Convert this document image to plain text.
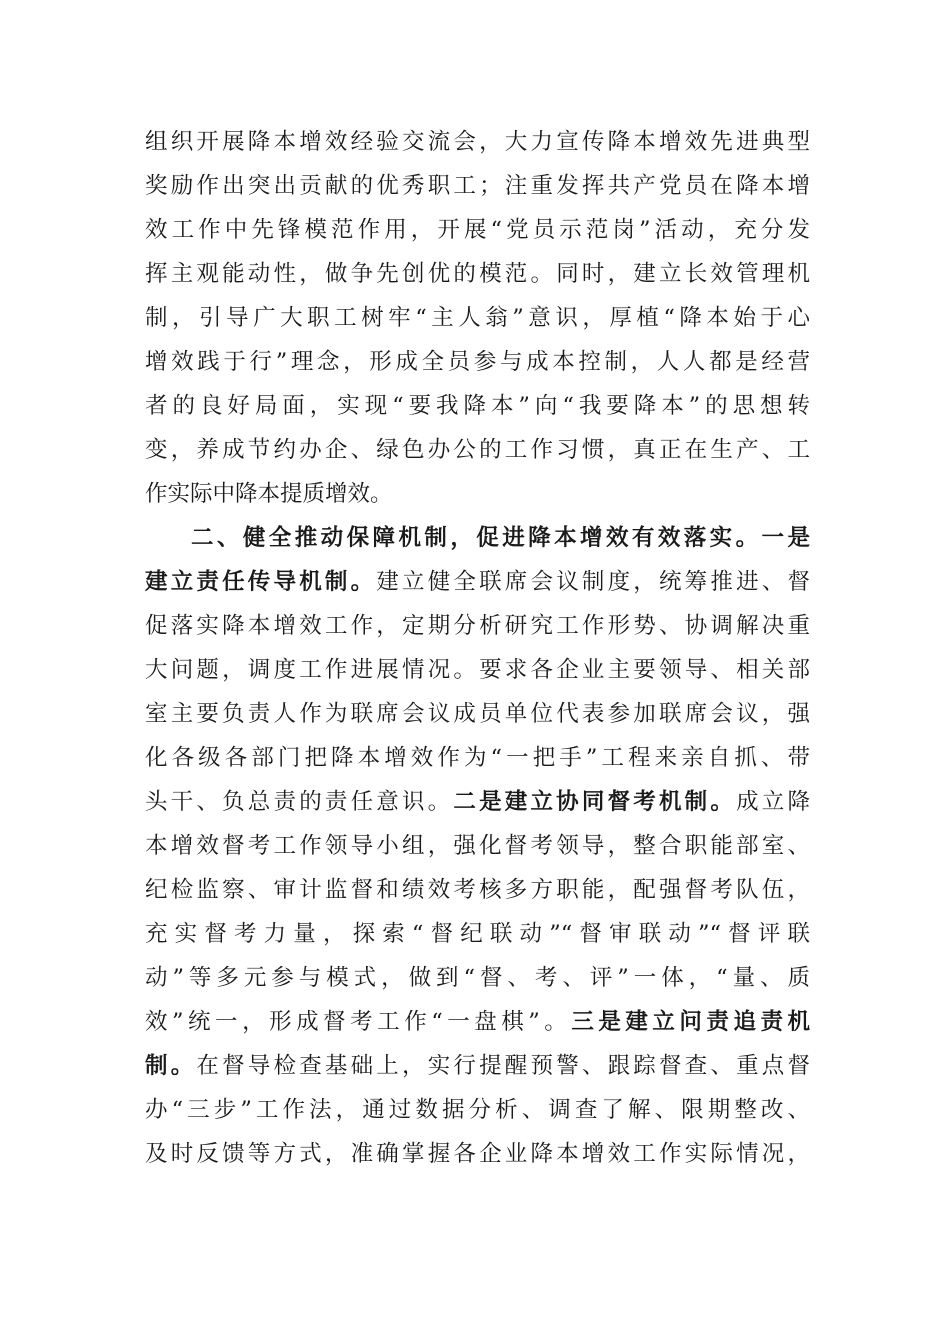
组织开展降本增效经验交流会，大力宣传降本增效先进典型
奖励作出突出贡献的优秀职工；注重发挥共产党员在降本增
效工作中先锋模范作用，开展“党员示范岗”活动，充分发
挥主观能动性，做争先创优的模范。同时，建立长效管理机
制，引导广大职工树牢“主人翁”意识，厚植“降本始于心
增效践于行”理念，形成全员参与成本控制，人人都是经营
者的良好局面，实现“要我降本”向“我要降本”的思想转
变，养成节约办企、绿色办公的工作习惯，真正在生产、工
作实际中降本提质增效。
二、健全推动保障机制，促进降本增效有效落实。一是
建立责任传导机制。建立健全联席会议制度，统筹推进、督
促落实降本增效工作，定期分析研究工作形势、协调解决重
大问题，调度工作进展情况。要求各企业主要领导、相关部
室主要负责人作为联席会议成员单位代表参加联席会议，强
化各级各部门把降本增效作为“一把手”工程来亲自抓、带
头干、负总责的责任意识。二是建立协同督考机制。成立降
本增效督考工作领导小组，强化督考领导，整合职能部室、
纪检监察、审计监督和绩效考核多方职能，配强督考队伍，
充实督考力量，探索“督纪联动”“督审联动”“督评联
动”等多元参与模式，做到“督、考、评”一体，“量、质
效”统一，形成督考工作“一盘棋”。三是建立问责追责机
制。在督导检查基础上，实行提醒预警、跟踪督查、重点督
办“三步”工作法，通过数据分析、调查了解、限期整改、
及时反馈等方式，准确掌握各企业降本增效工作实际情况，
